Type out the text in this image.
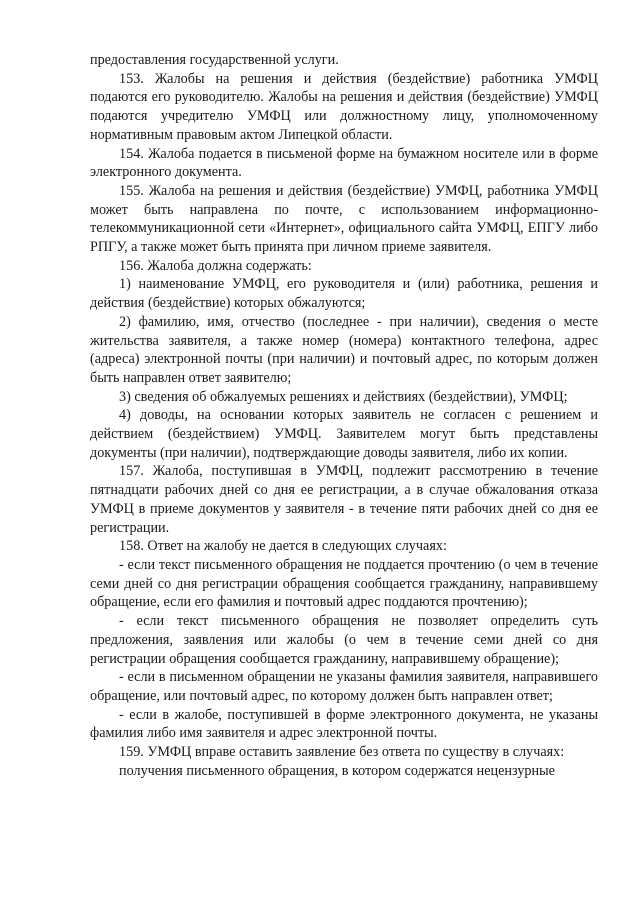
предоставления государственной услуги.

153. Жалобы на решения и действия (бездействие) работника УМФЦ подаются его руководителю. Жалобы на решения и действия (бездействие) УМФЦ подаются учредителю УМФЦ или должностному лицу, уполномоченному нормативным правовым актом Липецкой области.

154. Жалоба подается в письменой форме на бумажном носителе или в форме электронного документа.

155. Жалоба на решения и действия (бездействие) УМФЦ, работника УМФЦ может быть направлена по почте, с использованием информационно-телекоммуникационной сети «Интернет», официального сайта УМФЦ, ЕПГУ либо РПГУ, а также может быть принята при личном приеме заявителя.

156. Жалоба должна содержать:

1) наименование УМФЦ, его руководителя и (или) работника, решения и действия (бездействие) которых обжалуются;

2) фамилию, имя, отчество (последнее - при наличии), сведения о месте жительства заявителя, а также номер (номера) контактного телефона, адрес (адреса) электронной почты (при наличии) и почтовый адрес, по которым должен быть направлен ответ заявителю;

3) сведения об обжалуемых решениях и действиях (бездействии), УМФЦ;

4) доводы, на основании которых заявитель не согласен с решением и действием (бездействием) УМФЦ. Заявителем могут быть представлены документы (при наличии), подтверждающие доводы заявителя, либо их копии.

157. Жалоба, поступившая в УМФЦ, подлежит рассмотрению в течение пятнадцати рабочих дней со дня ее регистрации, а в случае обжалования отказа УМФЦ в приеме документов у заявителя - в течение пяти рабочих дней со дня ее регистрации.

158. Ответ на жалобу не дается в следующих случаях:

- если текст письменного обращения не поддается прочтению (о чем в течение семи дней со дня регистрации обращения сообщается гражданину, направившему обращение, если его фамилия и почтовый адрес поддаются прочтению);

- если текст письменного обращения не позволяет определить суть предложения, заявления или жалобы (о чем в течение семи дней со дня регистрации обращения сообщается гражданину, направившему обращение);

- если в письменном обращении не указаны фамилия заявителя, направившего обращение, или почтовый адрес, по которому должен быть направлен ответ;

- если в жалобе, поступившей в форме электронного документа, не указаны фамилия либо имя заявителя и адрес электронной почты.

159. УМФЦ вправе оставить заявление без ответа по существу в случаях:

получения письменного обращения, в котором содержатся нецензурные
